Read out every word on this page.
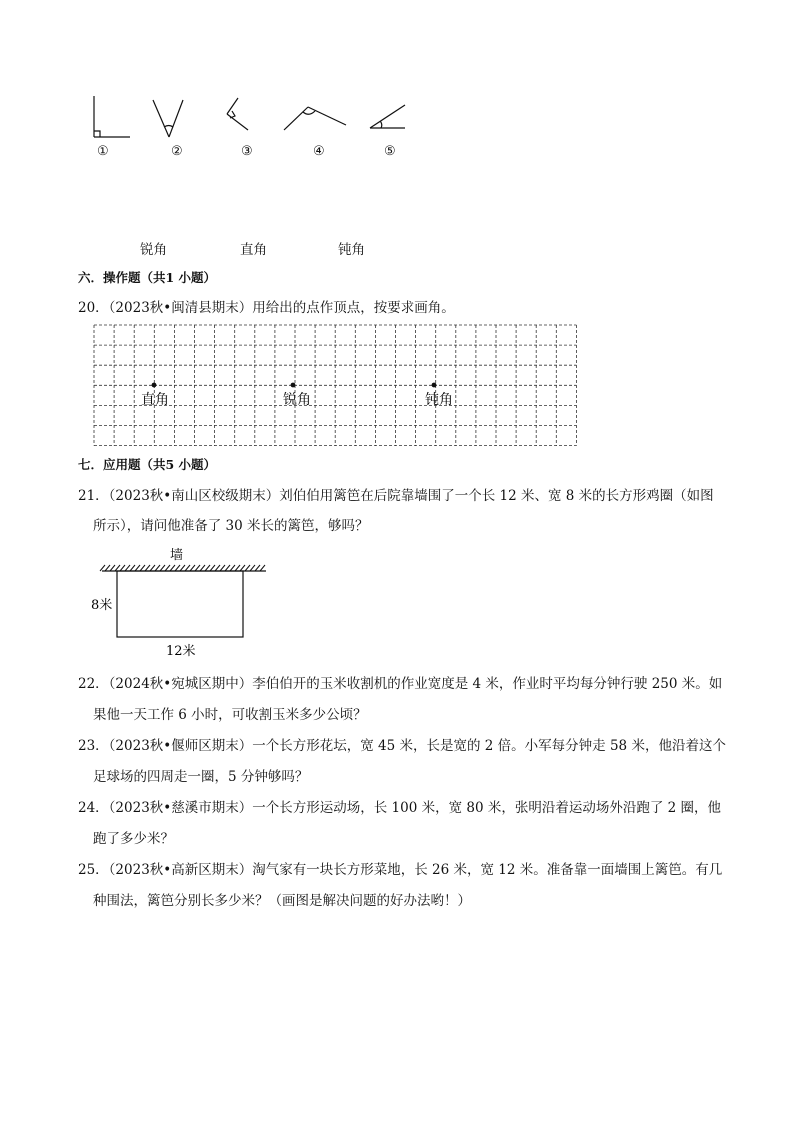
①	②	③	④	⑤
锐角	直角	钝角
六．操作题（共1 小题）
20．（2023秋•闽清县期末）用给出的点作顶点，按要求画角。
直角	锐角	钝角
七．应用题（共5 小题）
21．（2023秋•南山区校级期末）刘伯伯用篱笆在后院靠墙围了一个长 12 米、宽 8 米的长方形鸡圈（如图
所示），请问他准备了 30 米长的篱笆，够吗？
墙
8米
12米
22．（2024秋•宛城区期中）李伯伯开的玉米收割机的作业宽度是 4 米，作业时平均每分钟行驶 250 米。如
果他一天工作 6 小时，可收割玉米多少公顷？
23．（2023秋•偃师区期末）一个长方形花坛，宽 45 米，长是宽的 2 倍。小军每分钟走 58 米，他沿着这个
足球场的四周走一圈，5 分钟够吗？
24．（2023秋•慈溪市期末）一个长方形运动场，长 100 米，宽 80 米，张明沿着运动场外沿跑了 2 圈，他
跑了多少米？
25．（2023秋•高新区期末）淘气家有一块长方形菜地，长 26 米，宽 12 米。准备靠一面墙围上篱笆。有几
种围法，篱笆分别长多少米？（画图是解决问题的好办法哟！）
